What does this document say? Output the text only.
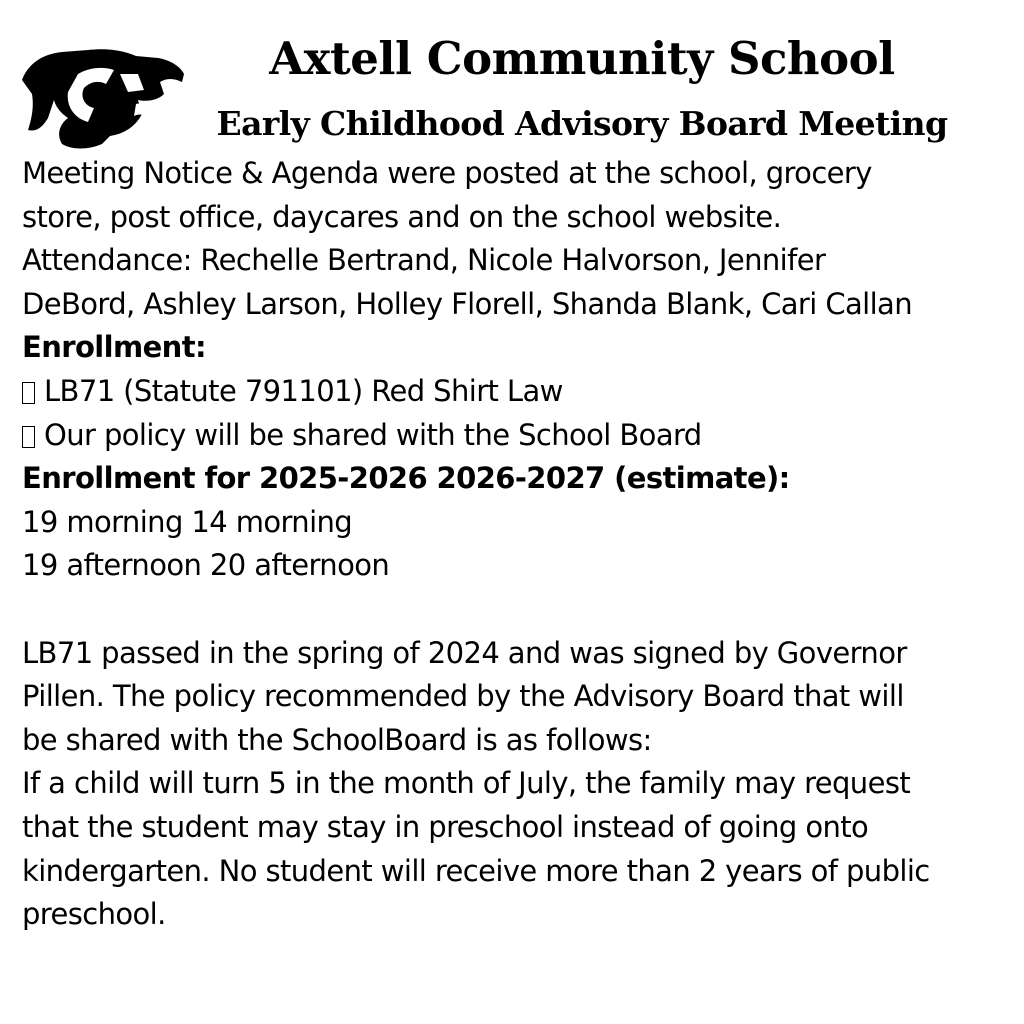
Axtell Community School
Early Childhood Advisory Board Meeting
Meeting Notice & Agenda were posted at the school, grocery
store, post office, daycares and on the school website.
Attendance: Rechelle Bertrand, Nicole Halvorson, Jennifer
DeBord, Ashley Larson, Holley Florell, Shanda Blank, Cari Callan
Enrollment:
LB71 (Statute 791101) Red Shirt Law
Our policy will be shared with the School Board
Enrollment for 2025-2026 2026-2027 (estimate):
19 morning 14 morning
19 afternoon 20 afternoon
LB71 passed in the spring of 2024 and was signed by Governor
Pillen. The policy recommended by the Advisory Board that will
be shared with the SchoolBoard is as follows:
If a child will turn 5 in the month of July, the family may request
that the student may stay in preschool instead of going onto
kindergarten. No student will receive more than 2 years of public
preschool.
